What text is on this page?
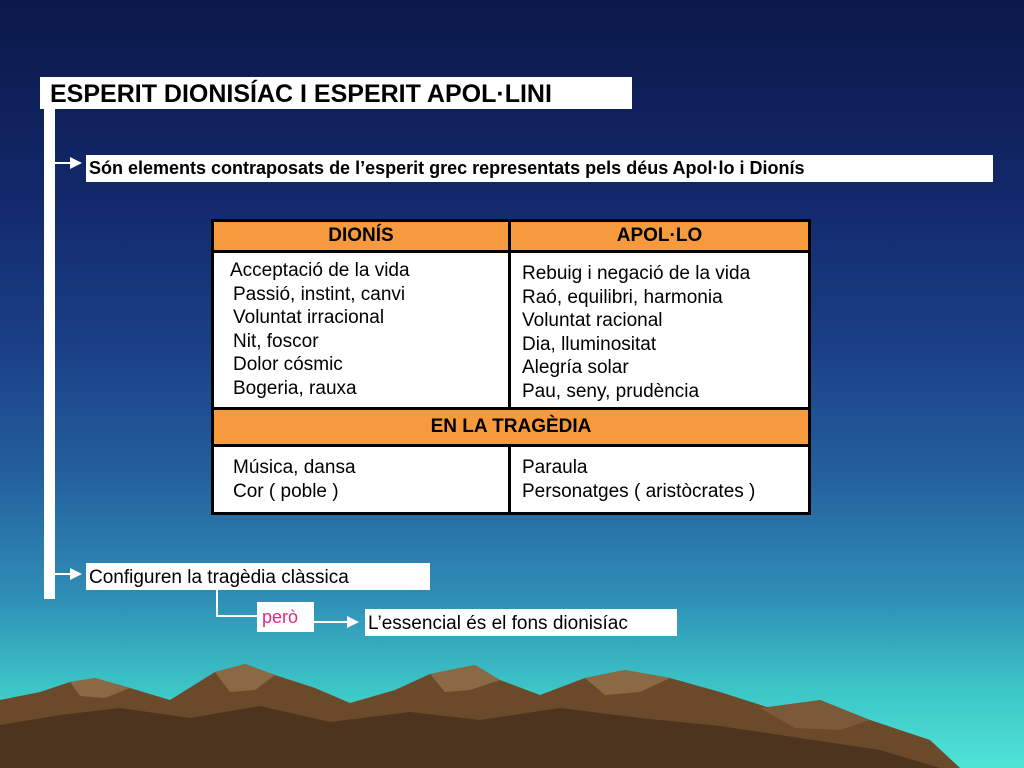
ESPERIT DIONISÍAC I ESPERIT APOL·LINI
Són elements contraposats de l’esperit grec representats pels déus Apol·lo i Dionís
DIONÍS	APOL·LO
Acceptació de la vida
Passió, instint, canvi
Voluntat irracional
Nit, foscor
Dolor cósmic
Bogeria, rauxa
Rebuig i negació de la vida
Raó, equilibri, harmonia
Voluntat racional
Dia, lluminositat
Alegría solar
Pau, seny, prudència
EN LA TRAGÈDIA
Música, dansa
Cor ( poble )
Paraula
Personatges ( aristòcrates )
Configuren la tragèdia clàssica
però	L’essencial és el fons dionisíac
